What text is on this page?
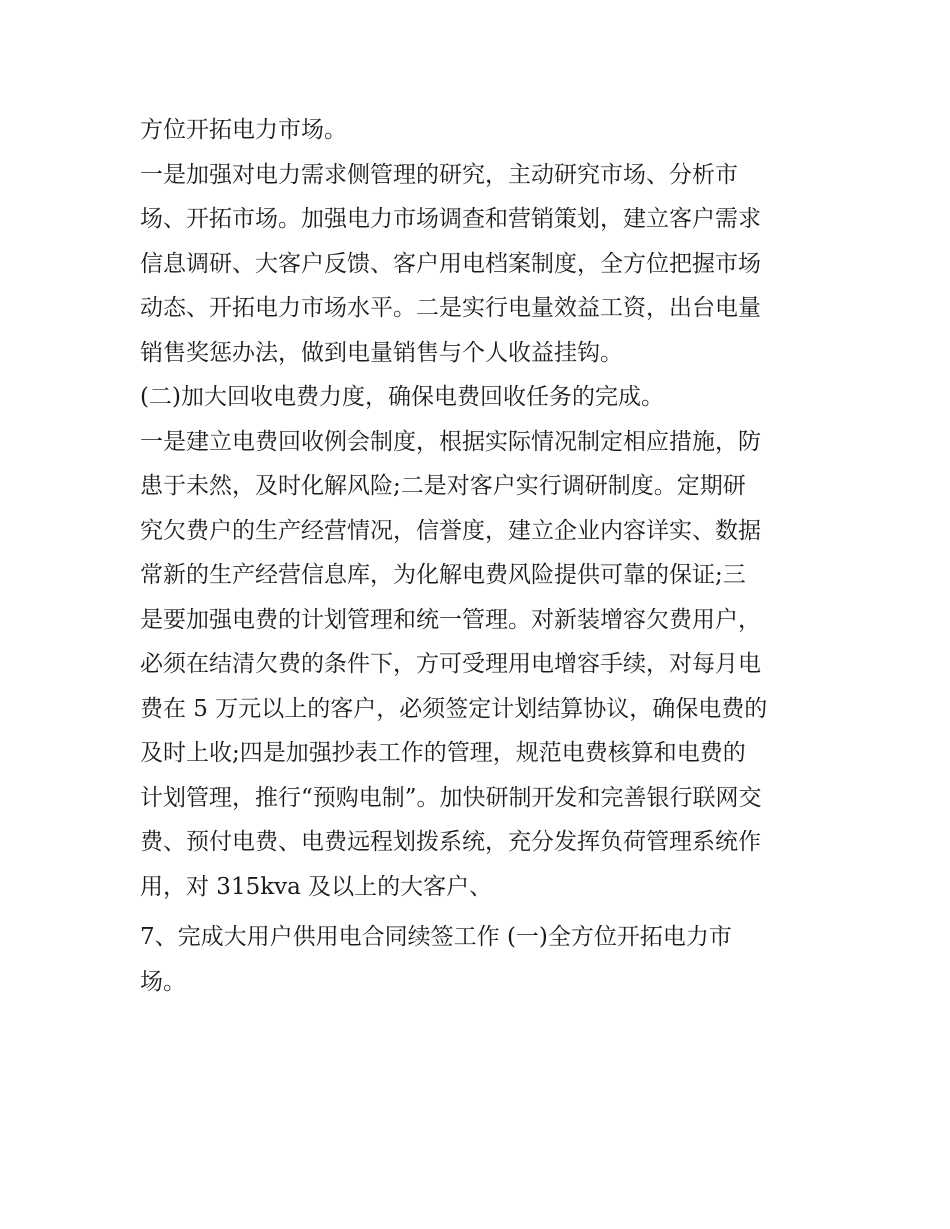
方位开拓电力市场。
一是加强对电力需求侧管理的研究，主动研究市场、分析市
场、开拓市场。加强电力市场调查和营销策划，建立客户需求
信息调研、大客户反馈、客户用电档案制度，全方位把握市场
动态、开拓电力市场水平。二是实行电量效益工资，出台电量
销售奖惩办法，做到电量销售与个人收益挂钩。
(二)加大回收电费力度，确保电费回收任务的完成。
一是建立电费回收例会制度，根据实际情况制定相应措施，防
患于未然，及时化解风险;二是对客户实行调研制度。定期研
究欠费户的生产经营情况，信誉度，建立企业内容详实、数据
常新的生产经营信息库，为化解电费风险提供可靠的保证;三
是要加强电费的计划管理和统一管理。对新装增容欠费用户，
必须在结清欠费的条件下，方可受理用电增容手续，对每月电
费在 5 万元以上的客户，必须签定计划结算协议，确保电费的
及时上收;四是加强抄表工作的管理，规范电费核算和电费的
计划管理，推行“预购电制”。加快研制开发和完善银行联网交
费、预付电费、电费远程划拨系统，充分发挥负荷管理系统作
用，对 315kva 及以上的大客户、
7、完成大用户供用电合同续签工作 (一)全方位开拓电力市
场。
